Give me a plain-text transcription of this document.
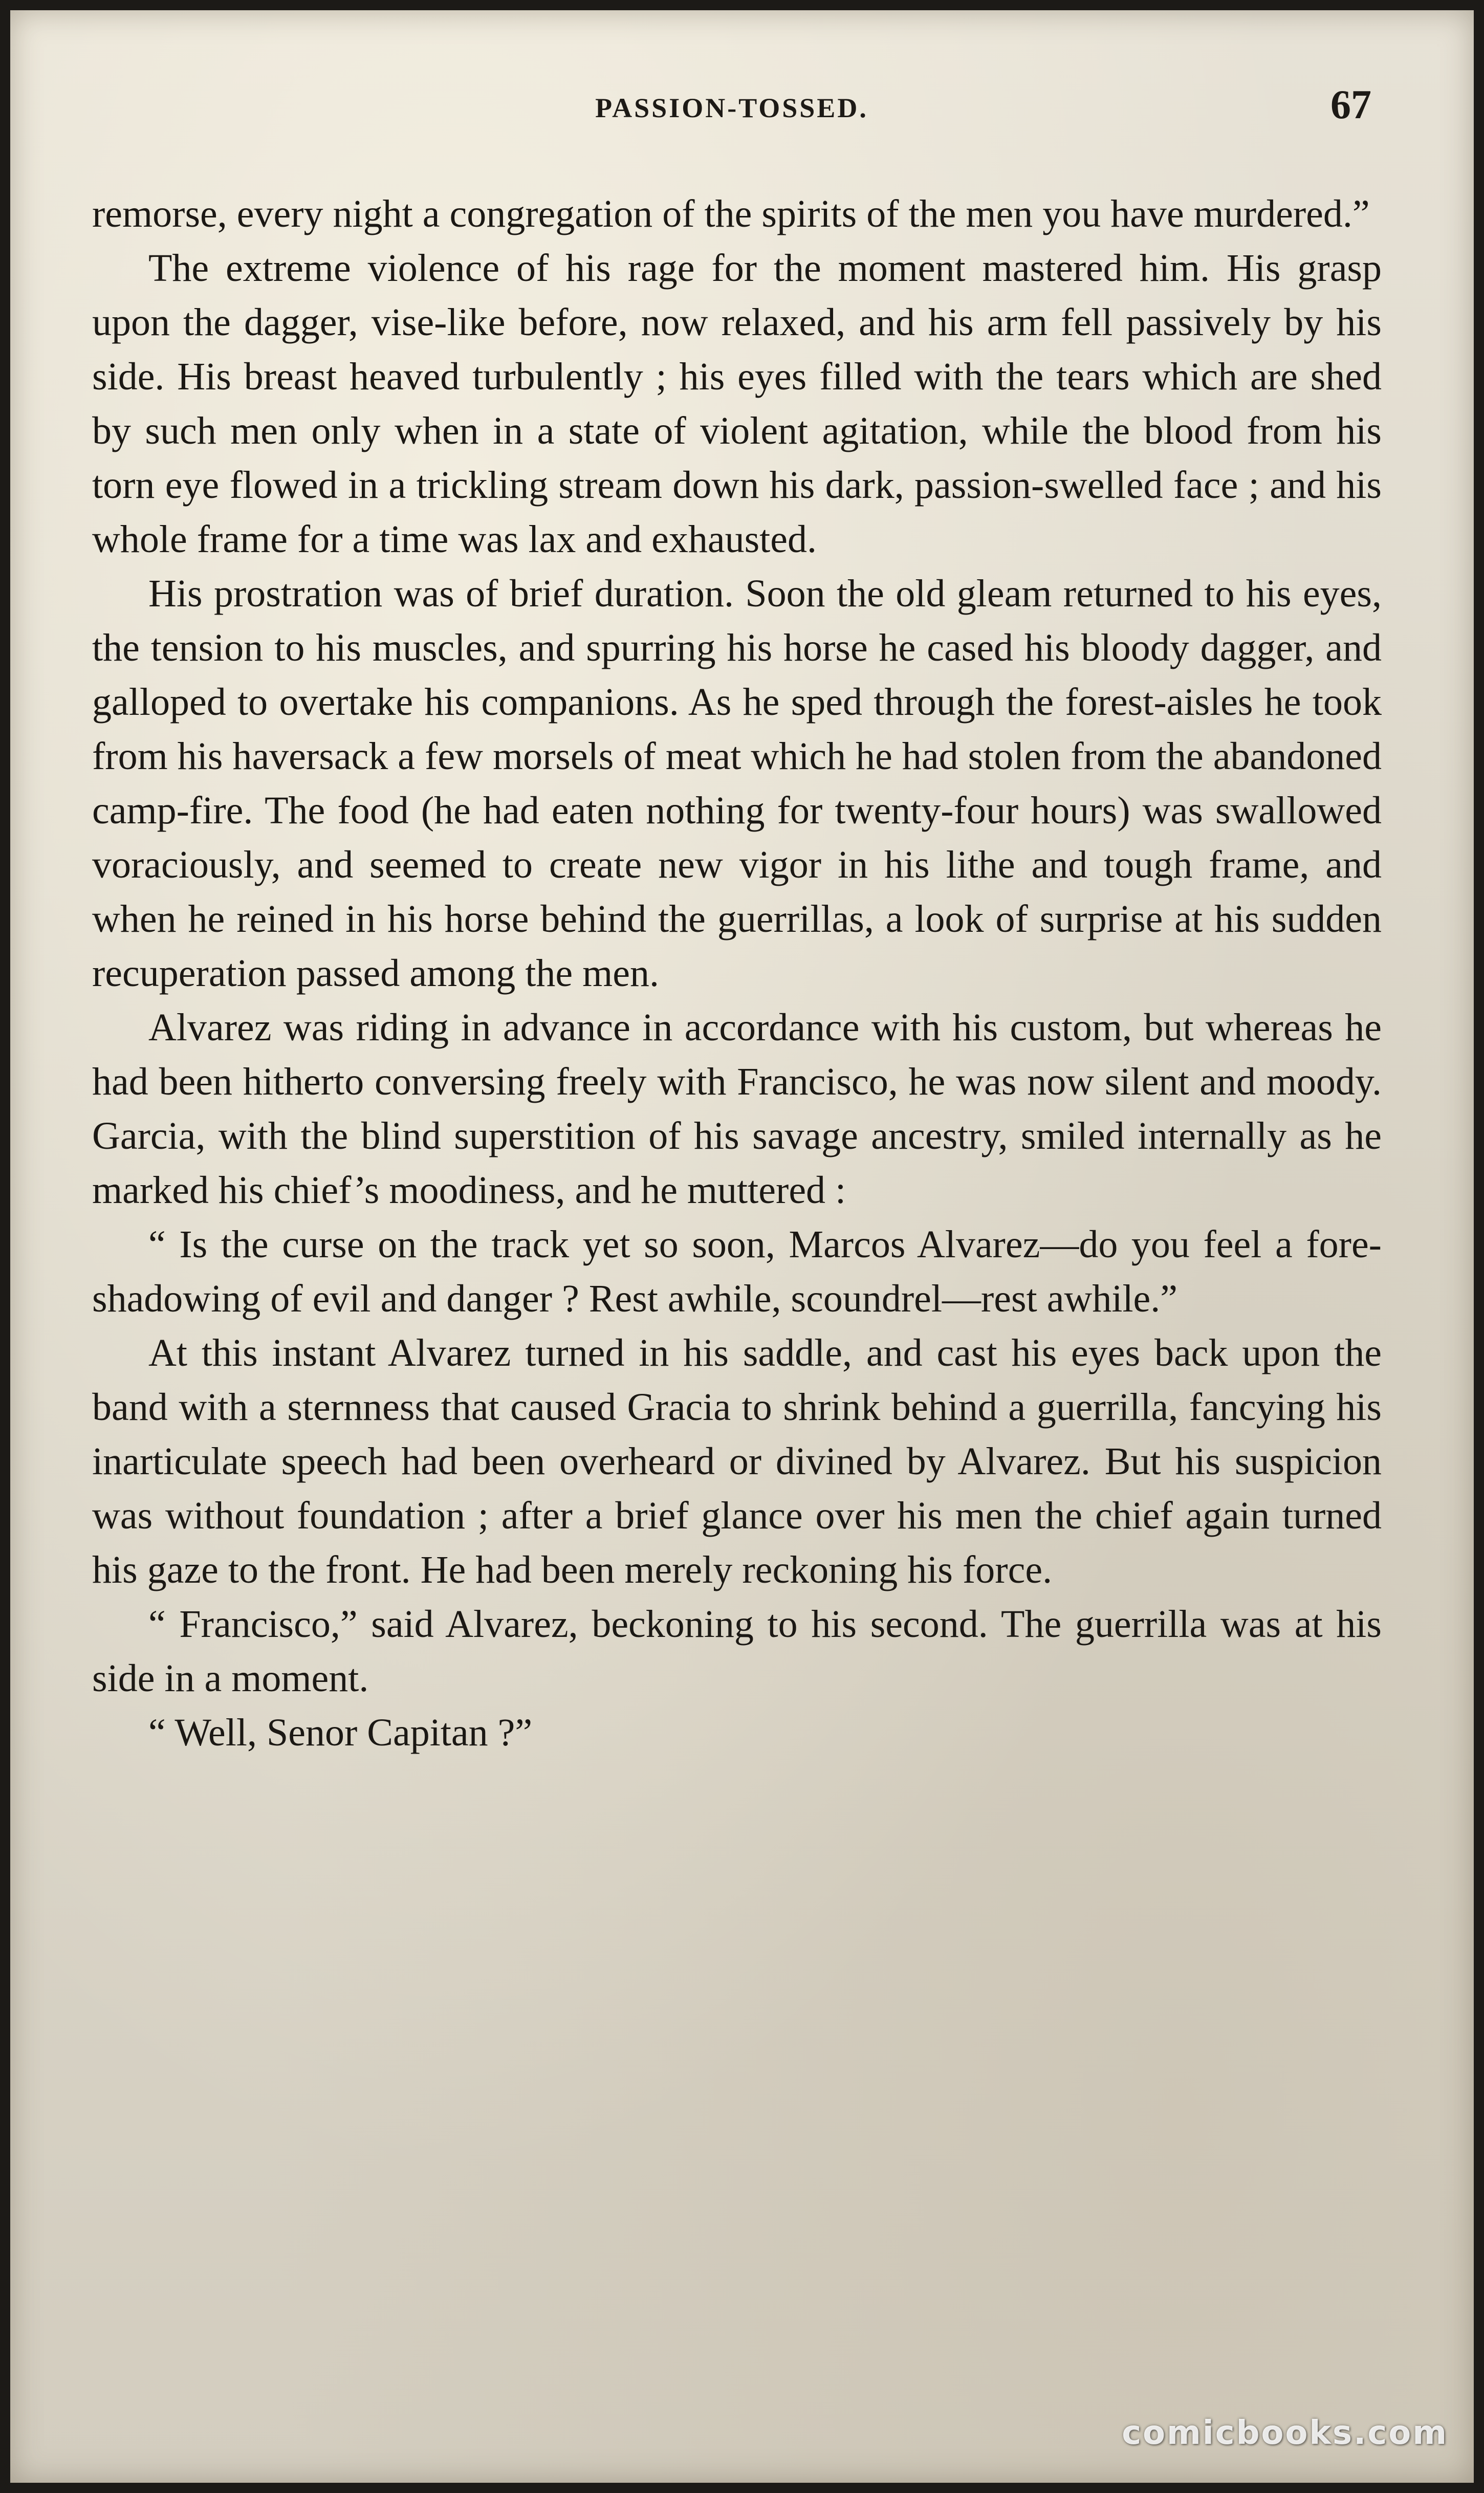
PASSION-TOSSED.	67

remorse, every night a congregation of the spirits of the men you have murdered.”

The extreme violence of his rage for the moment mastered him. His grasp upon the dagger, vise-like before, now relaxed, and his arm fell passively by his side. His breast heaved turbulently ; his eyes filled with the tears which are shed by such men only when in a state of violent agitation, while the blood from his torn eye flowed in a trickling stream down his dark, passion-swelled face ; and his whole frame for a time was lax and exhausted.

His prostration was of brief duration. Soon the old gleam returned to his eyes, the tension to his muscles, and spurring his horse he cased his bloody dagger, and galloped to overtake his companions. As he sped through the forest-aisles he took from his haversack a few morsels of meat which he had stolen from the abandoned camp-fire. The food (he had eaten nothing for twenty-four hours) was swallowed voraciously, and seemed to create new vigor in his lithe and tough frame, and when he reined in his horse behind the guerrillas, a look of surprise at his sudden recuperation passed among the men.

Alvarez was riding in advance in accordance with his custom, but whereas he had been hitherto conversing freely with Francisco, he was now silent and moody. Garcia, with the blind superstition of his savage ancestry, smiled internally as he marked his chief’s moodiness, and he muttered :

“ Is the curse on the track yet so soon, Marcos Alvarez—do you feel a fore-shadowing of evil and danger ? Rest awhile, scoundrel—rest awhile.”

At this instant Alvarez turned in his saddle, and cast his eyes back upon the band with a sternness that caused Gracia to shrink behind a guerrilla, fancying his inarticulate speech had been overheard or divined by Alvarez. But his suspicion was without foundation ; after a brief glance over his men the chief again turned his gaze to the front. He had been merely reckoning his force.

“ Francisco,” said Alvarez, beckoning to his second. The guerrilla was at his side in a moment.

“ Well, Senor Capitan ?”

comicbooks.com
